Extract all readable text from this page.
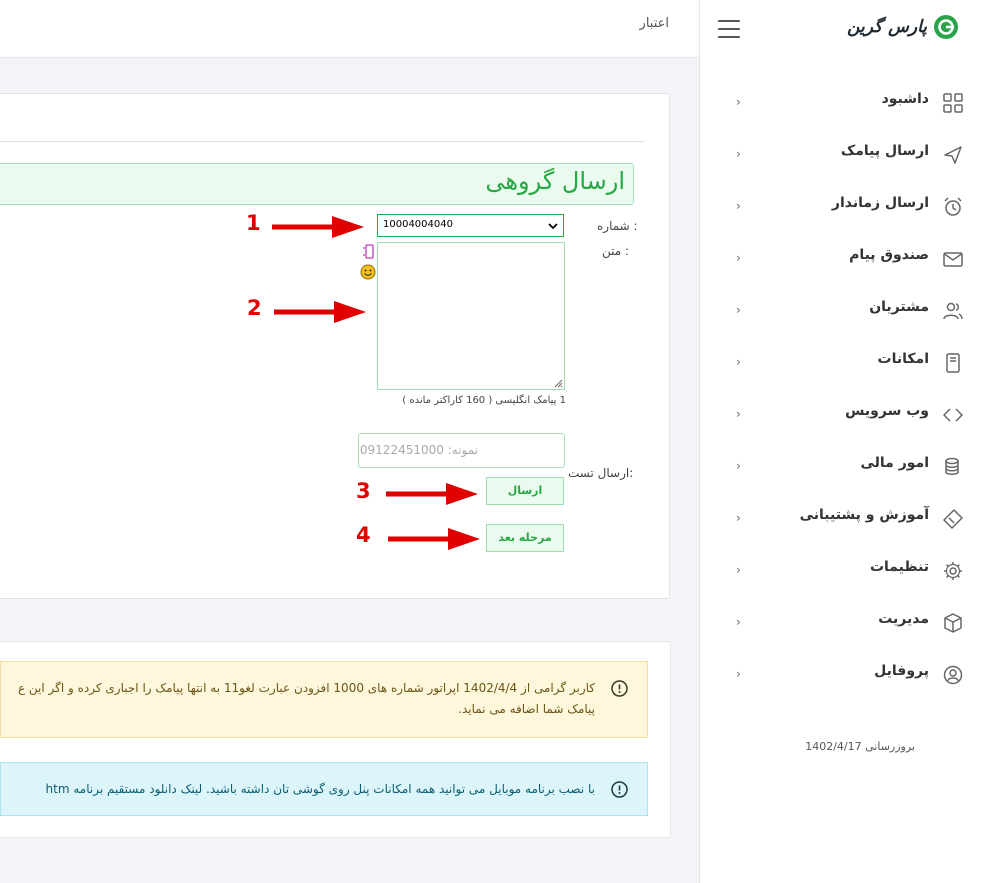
اعتبار
ارسال گروهی
شماره :
10004004040
متن :
1 پیامک انگلیسی ( 160 کاراکتر مانده )
نمونه: 09122451000
ارسال تست:
ارسال
مرحله بعد
1
2
3
4
کاربر گرامی از 1402/4/4 اپراتور شماره های 1000 افزودن عبارت لغو11 به انتها پیامک را اجباری کرده و اگر این ع
پیامک شما اضافه می نماید.
با نصب برنامه موبایل می توانید همه امکانات پنل روی گوشی تان داشته باشید. لینک دانلود مستقیم برنامه htm
پارس گرین
داشبود
‹
ارسال پیامک
‹
ارسال زماندار
‹
صندوق پیام
‹
مشتریان
‹
امکانات
‹
وب سرویس
‹
امور مالی
‹
آموزش و پشتیبانی
‹
تنظیمات
‹
مدیریت
‹
پروفایل
‹
بروزرسانی 1402/4/17
